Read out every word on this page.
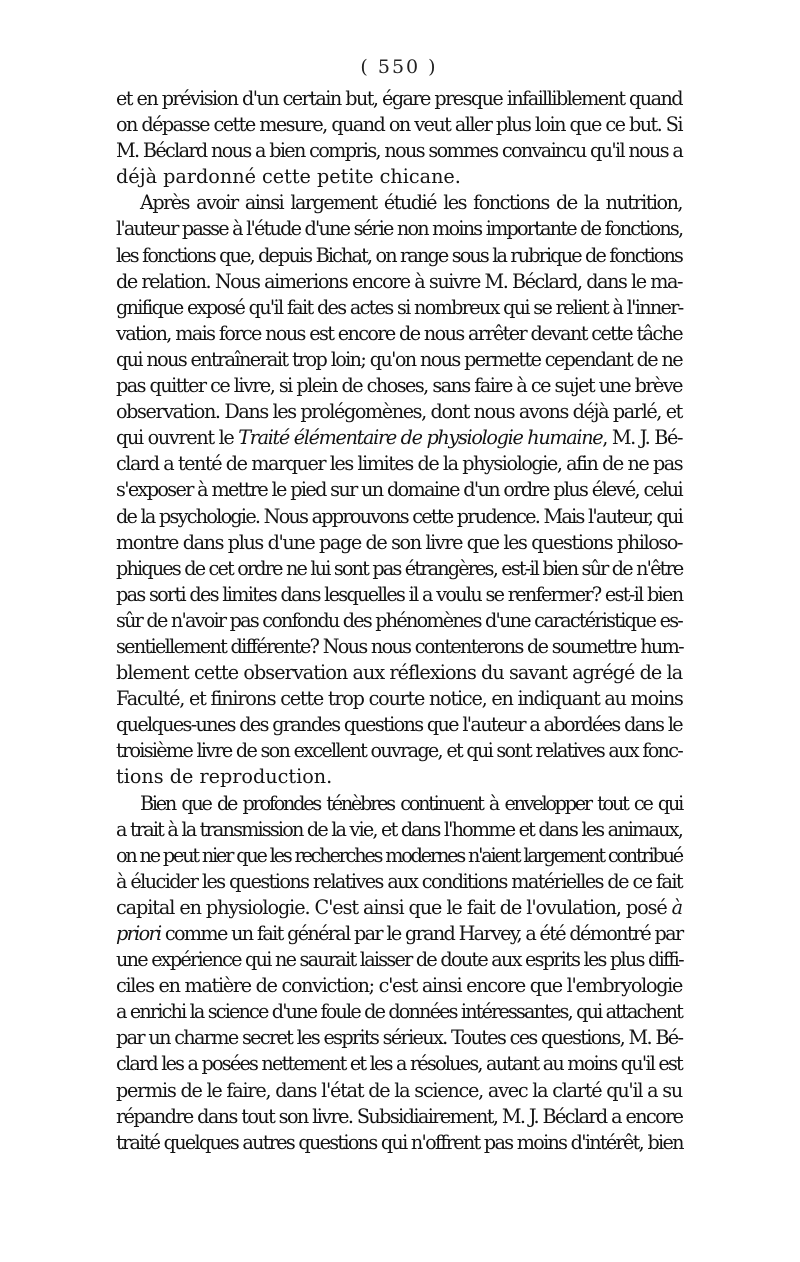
( 550 )
et en prévision d'un certain but, égare presque infailliblement quand
on dépasse cette mesure, quand on veut aller plus loin que ce but. Si
M. Béclard nous a bien compris, nous sommes convaincu qu'il nous a
déjà pardonné cette petite chicane.
Après avoir ainsi largement étudié les fonctions de la nutrition,
l'auteur passe à l'étude d'une série non moins importante de fonctions,
les fonctions que, depuis Bichat, on range sous la rubrique de fonctions
de relation. Nous aimerions encore à suivre M. Béclard, dans le ma-
gnifique exposé qu'il fait des actes si nombreux qui se relient à l'inner-
vation, mais force nous est encore de nous arrêter devant cette tâche
qui nous entraînerait trop loin; qu'on nous permette cependant de ne
pas quitter ce livre, si plein de choses, sans faire à ce sujet une brève
observation. Dans les prolégomènes, dont nous avons déjà parlé, et
qui ouvrent le Traité élémentaire de physiologie humaine, M. J. Bé-
clard a tenté de marquer les limites de la physiologie, afin de ne pas
s'exposer à mettre le pied sur un domaine d'un ordre plus élevé, celui
de la psychologie. Nous approuvons cette prudence. Mais l'auteur, qui
montre dans plus d'une page de son livre que les questions philoso-
phiques de cet ordre ne lui sont pas étrangères, est-il bien sûr de n'être
pas sorti des limites dans lesquelles il a voulu se renfermer? est-il bien
sûr de n'avoir pas confondu des phénomènes d'une caractéristique es-
sentiellement différente? Nous nous contenterons de soumettre hum-
blement cette observation aux réflexions du savant agrégé de la
Faculté, et finirons cette trop courte notice, en indiquant au moins
quelques-unes des grandes questions que l'auteur a abordées dans le
troisième livre de son excellent ouvrage, et qui sont relatives aux fonc-
tions de reproduction.
Bien que de profondes ténèbres continuent à envelopper tout ce qui
a trait à la transmission de la vie, et dans l'homme et dans les animaux,
on ne peut nier que les recherches modernes n'aient largement contribué
à élucider les questions relatives aux conditions matérielles de ce fait
capital en physiologie. C'est ainsi que le fait de l'ovulation, posé à
priori comme un fait général par le grand Harvey, a été démontré par
une expérience qui ne saurait laisser de doute aux esprits les plus diffi-
ciles en matière de conviction; c'est ainsi encore que l'embryologie
a enrichi la science d'une foule de données intéressantes, qui attachent
par un charme secret les esprits sérieux. Toutes ces questions, M. Bé-
clard les a posées nettement et les a résolues, autant au moins qu'il est
permis de le faire, dans l'état de la science, avec la clarté qu'il a su
répandre dans tout son livre. Subsidiairement, M. J. Béclard a encore
traité quelques autres questions qui n'offrent pas moins d'intérêt, bien
